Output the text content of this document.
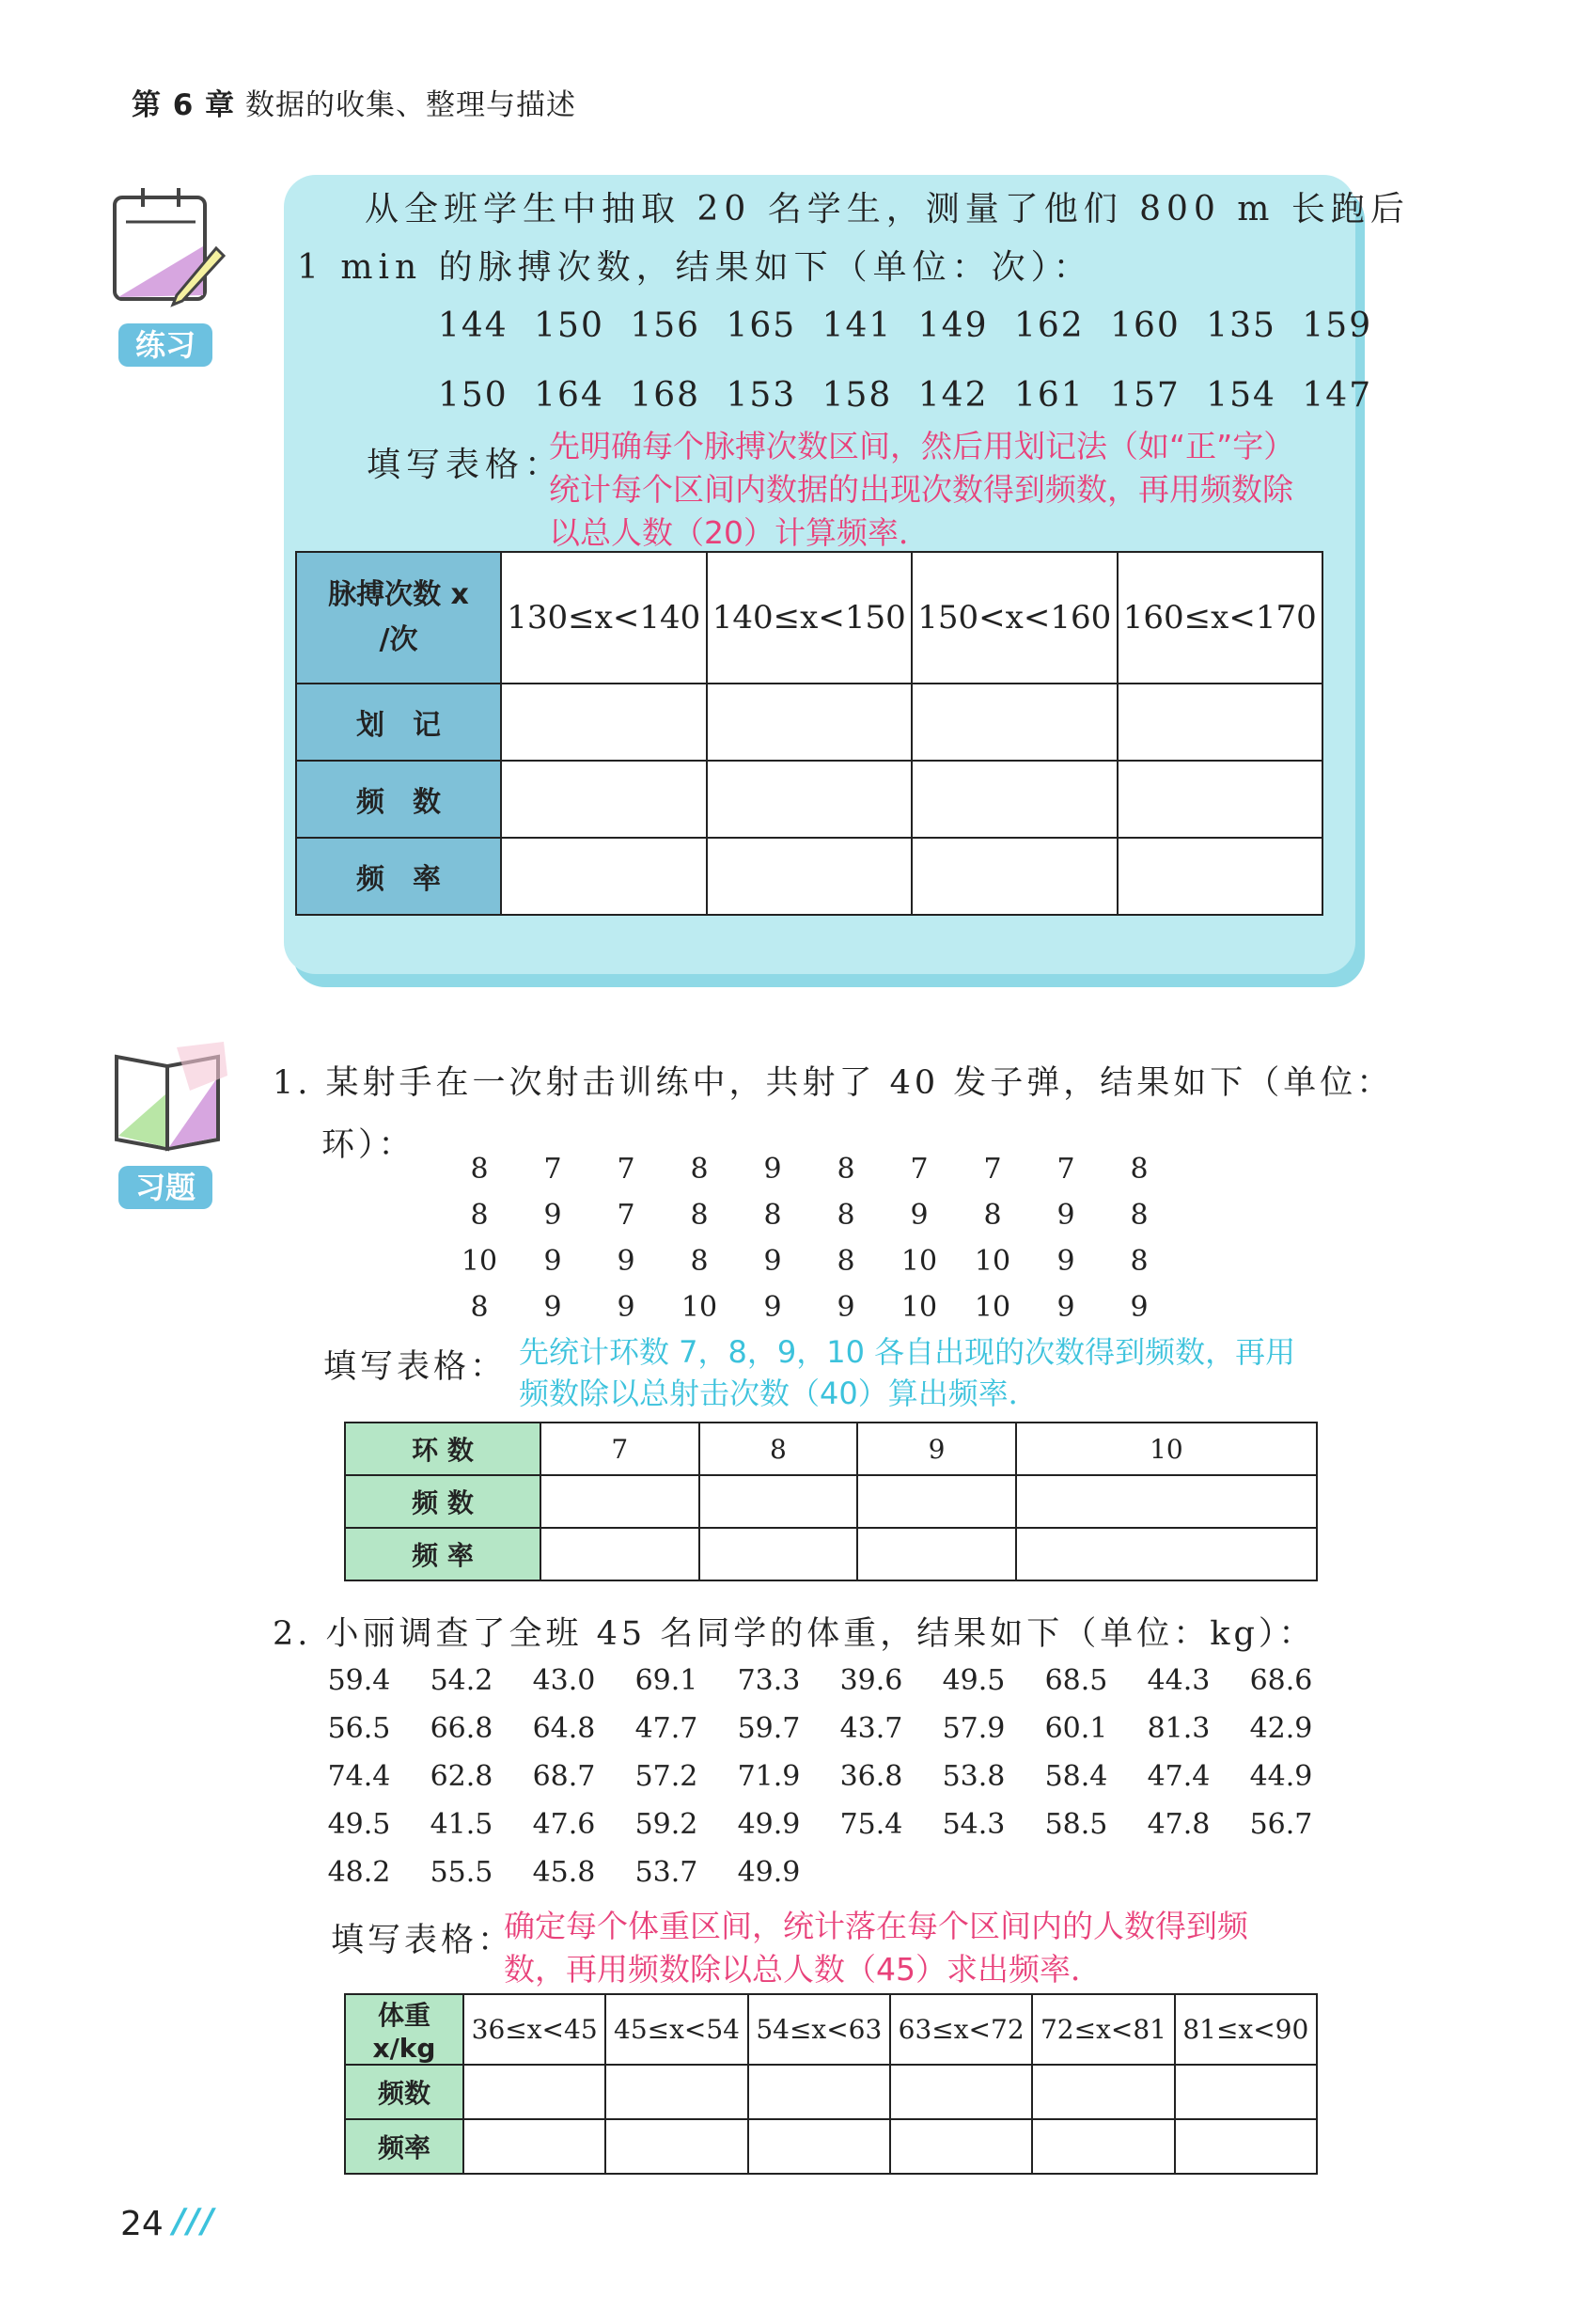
第 6 章 数据的收集、整理与描述
练习
从全班学生中抽取 20 名学生，测量了他们 800 m 长跑后
1 min 的脉搏次数，结果如下（单位：次）：
144 150 156 165 141 149 162 160 135 159
150 164 168 153 158 142 161 157 154 147
填写表格：
先明确每个脉搏次数区间，然后用划记法（如“正”字）
统计每个区间内数据的出现次数得到频数，再用频数除
以总人数（20）计算频率．
脉搏次数 x
/次	130≤x<140	140≤x<150	150<x<160	160≤x<170
划　记				
频　数				
频　率				
习题
1. 某射手在一次射击训练中，共射了 40 发子弹，结果如下（单位：
环）：
8	7	7	8	9	8	7	7	7	8
8	9	7	8	8	8	9	8	9	8
10	9	9	8	9	8	10	10	9	8
8	9	9	10	9	9	10	10	9	9
填写表格： 先统计环数 7，8，9，10 各自出现的次数得到频数，再用
频数除以总射击次数（40）算出频率．
环 数	7	8	9	10
频 数				
频 率				
2. 小丽调查了全班 45 名同学的体重，结果如下（单位：kg）：
59.4 54.2 43.0 69.1 73.3 39.6 49.5 68.5 44.3 68.6
56.5 66.8 64.8 47.7 59.7 43.7 57.9 60.1 81.3 42.9
74.4 62.8 68.7 57.2 71.9 36.8 53.8 58.4 47.4 44.9
49.5 41.5 47.6 59.2 49.9 75.4 54.3 58.5 47.8 56.7
48.2 55.5 45.8 53.7 49.9
填写表格：
确定每个体重区间，统计落在每个区间内的人数得到频
数，再用频数除以总人数（45）求出频率．
体重 x/kg	36≤x<45	45≤x<54	54≤x<63	63≤x<72	72≤x<81	81≤x<90
频数						
频率						
24 ///
